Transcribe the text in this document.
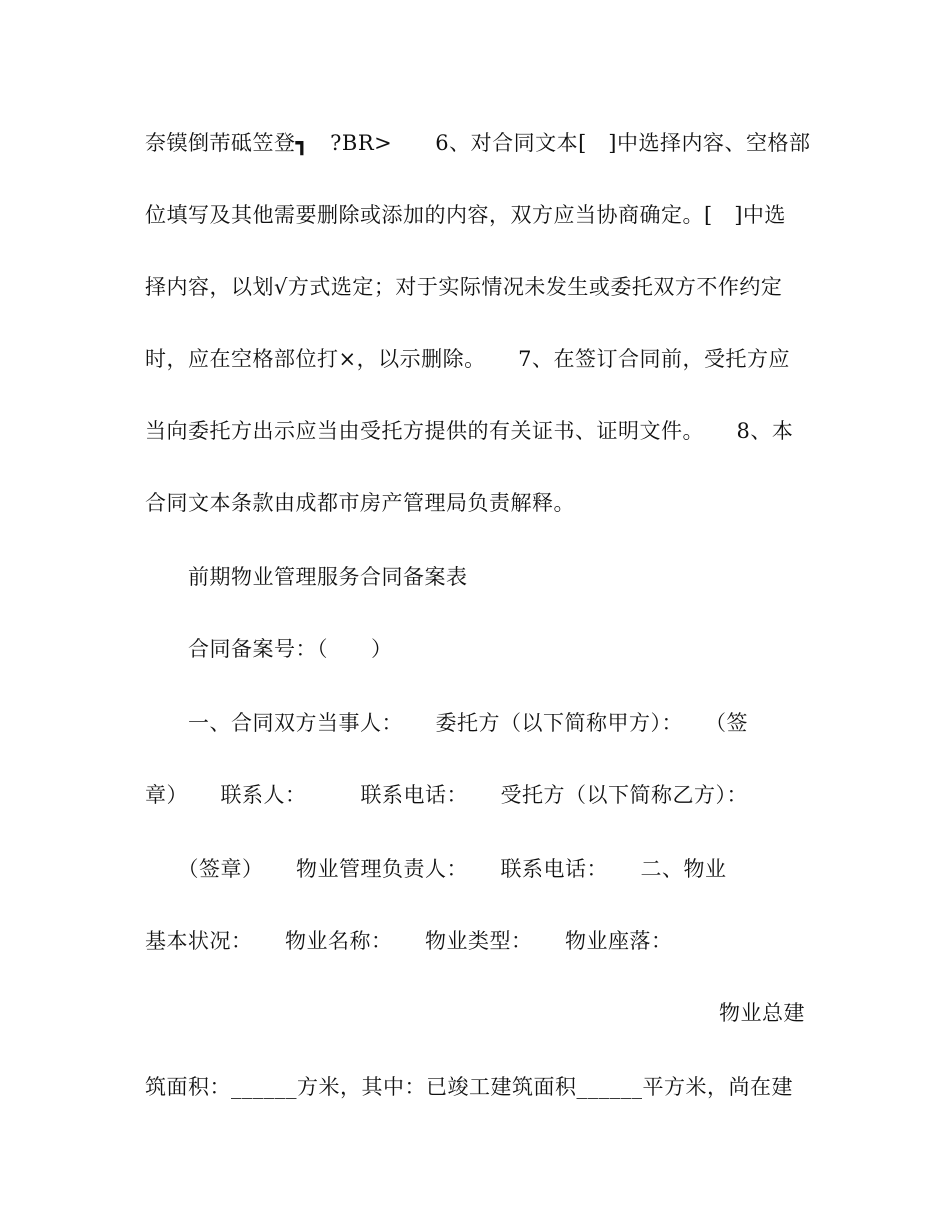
奈镆倒芾砥笠登┓　?BR>　　6、对合同文本[　]中选择内容、空格部
位填写及其他需要删除或添加的内容，双方应当协商确定。[　]中选
择内容，以划√方式选定；对于实际情况未发生或委托双方不作约定
时，应在空格部位打×，以示删除。　　7、在签订合同前，受托方应
当向委托方出示应当由受托方提供的有关证书、证明文件。　　8、本
合同文本条款由成都市房产管理局负责解释。
　　前期物业管理服务合同备案表
　　合同备案号：（　　）
　　一、合同双方当事人：　　委托方（以下简称甲方）：　　（签
章）　　联系人：　　　联系电话：　　受托方（以下简称乙方）：
　　（签章）　　物业管理负责人：　　联系电话：　　二、物业
基本状况：　　物业名称：　　物业类型：　　物业座落：
物业总建
筑面积：______方米，其中：已竣工建筑面积______平方米，尚在建
